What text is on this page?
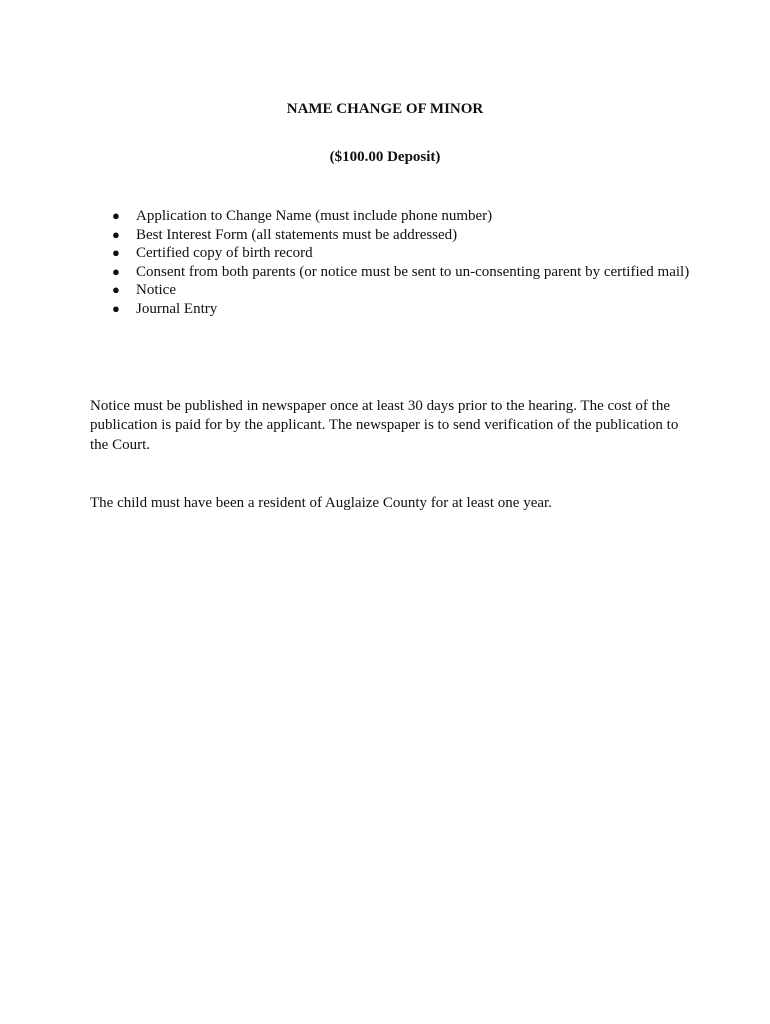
NAME CHANGE OF MINOR
($100.00 Deposit)
● Application to Change Name (must include phone number)
● Best Interest Form (all statements must be addressed)
● Certified copy of birth record
● Consent from both parents (or notice must be sent to un-consenting parent by certified mail)
● Notice
● Journal Entry

Notice must be published in newspaper once at least 30 days prior to the hearing. The cost of the publication is paid for by the applicant. The newspaper is to send verification of the publication to the Court.

The child must have been a resident of Auglaize County for at least one year.
